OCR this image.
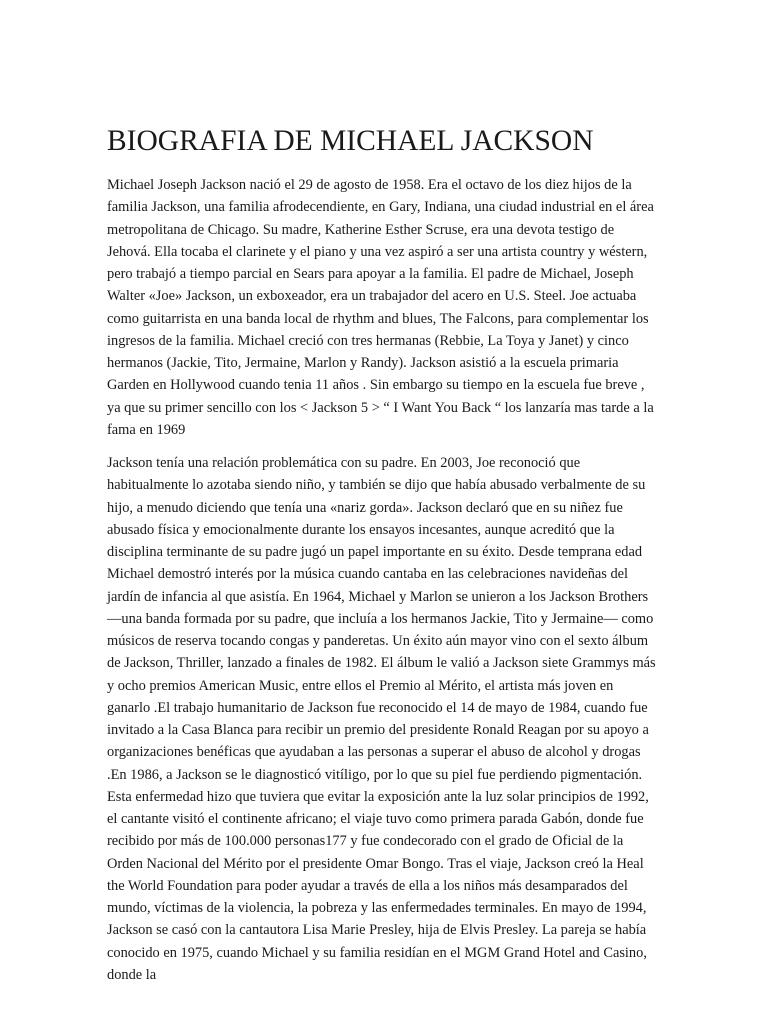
BIOGRAFIA DE MICHAEL JACKSON

Michael Joseph Jackson nació el 29 de agosto de 1958. Era el octavo de los diez hijos de la familia Jackson, una familia afrodecendiente, en Gary, Indiana, una ciudad industrial en el área metropolitana de Chicago. Su madre, Katherine Esther Scruse, era una devota testigo de Jehová. Ella tocaba el clarinete y el piano y una vez aspiró a ser una artista country y wéstern, pero trabajó a tiempo parcial en Sears para apoyar a la familia. El padre de Michael, Joseph Walter «Joe» Jackson, un exboxeador, era un trabajador del acero en U.S. Steel. Joe actuaba como guitarrista en una banda local de rhythm and blues, The Falcons, para complementar los ingresos de la familia. Michael creció con tres hermanas (Rebbie, La Toya y Janet) y cinco hermanos (Jackie, Tito, Jermaine, Marlon y Randy). Jackson asistió a la escuela primaria Garden en Hollywood cuando tenia 11 años . Sin embargo su tiempo en la escuela fue breve , ya que su primer sencillo con los < Jackson 5 > “ I Want You Back “ los lanzaría mas tarde a la fama en 1969

Jackson tenía una relación problemática con su padre. En 2003, Joe reconoció que habitualmente lo azotaba siendo niño, y también se dijo que había abusado verbalmente de su hijo, a menudo diciendo que tenía una «nariz gorda». Jackson declaró que en su niñez fue abusado física y emocionalmente durante los ensayos incesantes, aunque acreditó que la disciplina terminante de su padre jugó un papel importante en su éxito. Desde temprana edad Michael demostró interés por la música cuando cantaba en las celebraciones navideñas del jardín de infancia al que asistía. En 1964, Michael y Marlon se unieron a los Jackson Brothers —una banda formada por su padre, que incluía a los hermanos Jackie, Tito y Jermaine— como músicos de reserva tocando congas y panderetas. Un éxito aún mayor vino con el sexto álbum de Jackson, Thriller, lanzado a finales de 1982. El álbum le valió a Jackson siete Grammys más y ocho premios American Music, entre ellos el Premio al Mérito, el artista más joven en ganarlo .El trabajo humanitario de Jackson fue reconocido el 14 de mayo de 1984, cuando fue invitado a la Casa Blanca para recibir un premio del presidente Ronald Reagan por su apoyo a organizaciones benéficas que ayudaban a las personas a superar el abuso de alcohol y drogas .En 1986, a Jackson se le diagnosticó vitíligo, por lo que su piel fue perdiendo pigmentación. Esta enfermedad hizo que tuviera que evitar la exposición ante la luz solar principios de 1992, el cantante visitó el continente africano; el viaje tuvo como primera parada Gabón, donde fue recibido por más de 100.000 personas177 y fue condecorado con el grado de Oficial de la Orden Nacional del Mérito por el presidente Omar Bongo. Tras el viaje, Jackson creó la Heal the World Foundation para poder ayudar a través de ella a los niños más desamparados del mundo, víctimas de la violencia, la pobreza y las enfermedades terminales. En mayo de 1994, Jackson se casó con la cantautora Lisa Marie Presley, hija de Elvis Presley. La pareja se había conocido en 1975, cuando Michael y su familia residían en el MGM Grand Hotel and Casino, donde la
